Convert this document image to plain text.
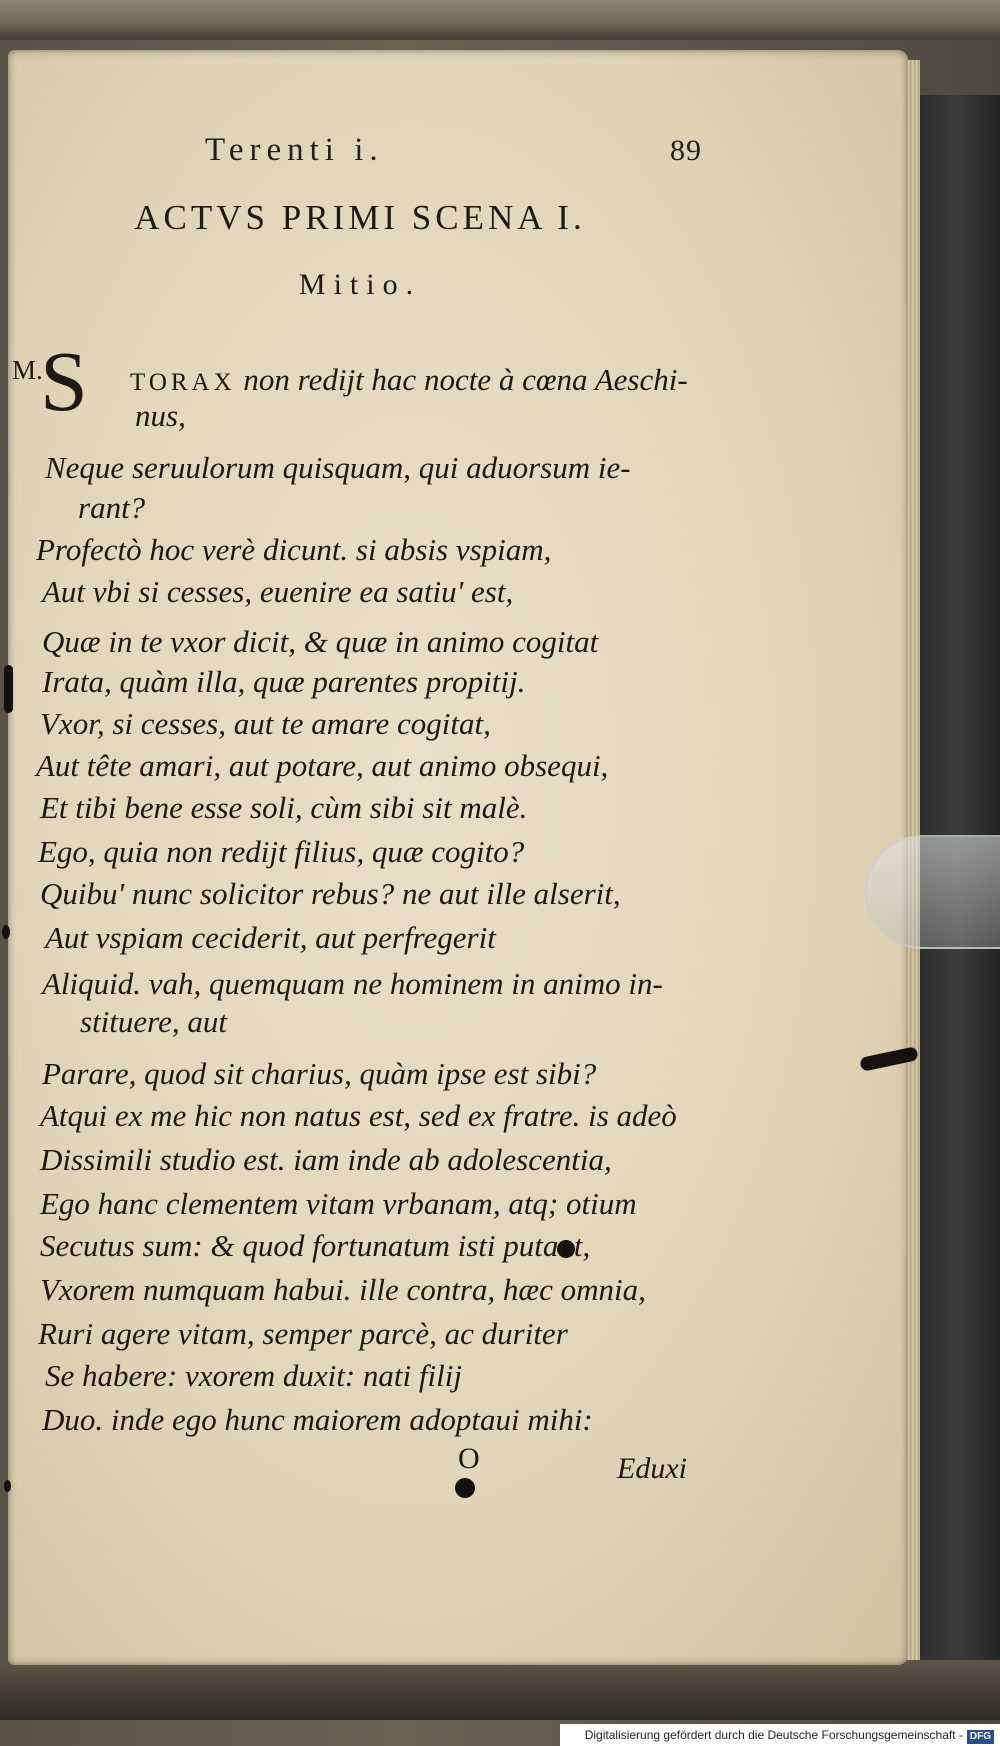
Terenti i.	89
ACTVS PRIMI SCENA I.
Mitio.
M.
S TORAX non rediјt hac nocte à cœna Aeschi-
nus,
Neque seruulorum quisquam, qui aduorsum ie-
rant?
Profectò hoc verè dicunt. si absis vspiam,
Aut vbi si cesses, euenire ea satiu' est,
Quæ in te vxor dicit, & quæ in animo cogitat
Irata, quàm illa, quæ parentes propitij.
Vxor, si cesses, aut te amare cogitat,
Aut tête amari, aut potare, aut animo obsequi,
Et tibi bene esse soli, cùm sibi sit malè.
Ego, quia non rediјt filius, quæ cogito?
Quibu' nunc solicitor rebus? ne aut ille alserit,
Aut vspiam ceciderit, aut perfregerit
Aliquid. vah, quemquam ne hominem in animo in-
stituere, aut
Parare, quod sit charius, quàm ipse est sibi?
Atqui ex me hic non natus est, sed ex fratre. is adeò
Dissimili studio est. iam inde ab adolescentia,
Ego hanc clementem vitam vrbanam, atq; otium
Secutus sum: & quod fortunatum isti putant,
Vxorem numquam habui. ille contra, hæc omnia,
Ruri agere vitam, semper parcè, ac duriter
Se habere: vxorem duxit: nati filij
Duo. inde ego hunc maiorem adoptaui mihi:
O	Eduxi
Digitalisierung gefördert durch die Deutsche Forschungsgemeinschaft - DFG
